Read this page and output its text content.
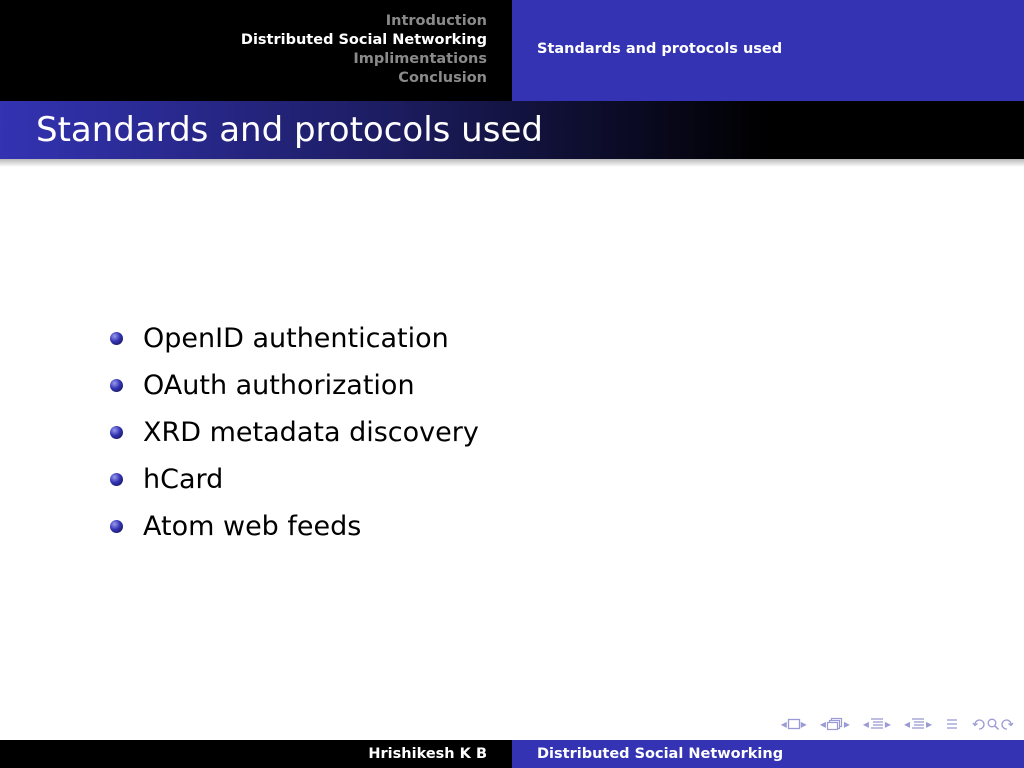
Introduction
Distributed Social Networking
Implimentations
Conclusion
Standards and protocols used
Standards and protocols used
OpenID authentication
OAuth authorization
XRD metadata discovery
hCard
Atom web feeds
◂ ▸ ◂ ▸ ◂ ▸ ◂ ▸
Hrishikesh K B	Distributed Social Networking
